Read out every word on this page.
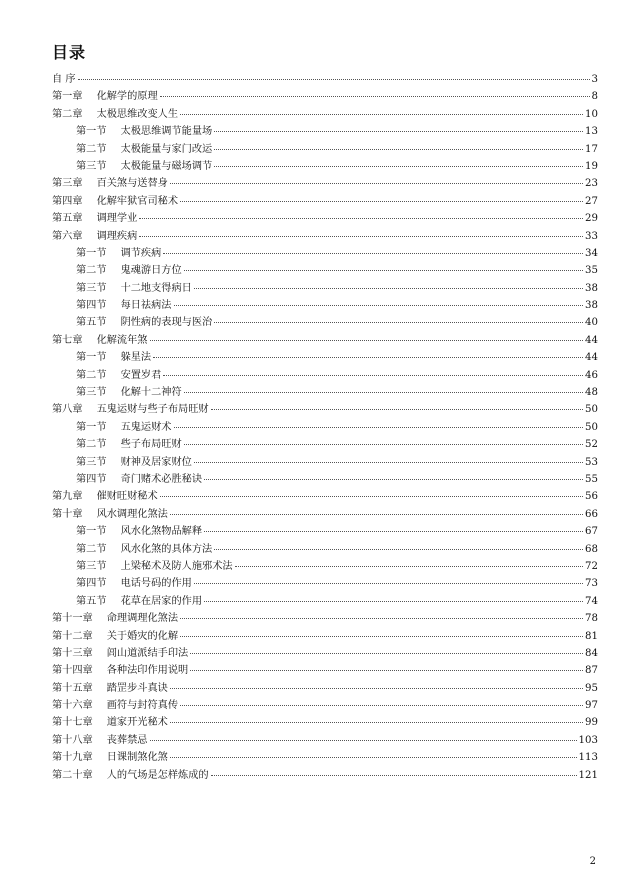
目录
自 序	3
第一章 化解学的原理	8
第二章 太极思维改变人生	10
第一节 太极思维调节能量场	13
第二节 太极能量与家门改运	17
第三节 太极能量与磁场调节	19
第三章 百关煞与送替身	23
第四章 化解牢狱官司秘术	27
第五章 调理学业	29
第六章 调理疾病	33
第一节 调节疾病	34
第二节 鬼魂游日方位	35
第三节 十二地支得病日	38
第四节 每日祛病法	38
第五节 阴性病的表现与医治	40
第七章 化解流年煞	44
第一节 躲星法	44
第二节 安置岁君	46
第三节 化解十二神符	48
第八章 五鬼运财与些子布局旺财	50
第一节 五鬼运财术	50
第二节 些子布局旺财	52
第三节 财神及居家财位	53
第四节 奇门赌术必胜秘诀	55
第九章 催财旺财秘术	56
第十章 风水调理化煞法	66
第一节 风水化煞物品解释	67
第二节 风水化煞的具体方法	68
第三节 上梁秘术及防人施邪术法	72
第四节 电话号码的作用	73
第五节 花草在居家的作用	74
第十一章 命理调理化煞法	78
第十二章 关于婚灾的化解	81
第十三章 闾山道派结手印法	84
第十四章 各种法印作用说明	87
第十五章 踏罡步斗真诀	95
第十六章 画符与封符真传	97
第十七章 道家开光秘术	99
第十八章 丧葬禁忌	103
第十九章 日课制煞化煞	113
第二十章 人的气场是怎样炼成的	121
2
